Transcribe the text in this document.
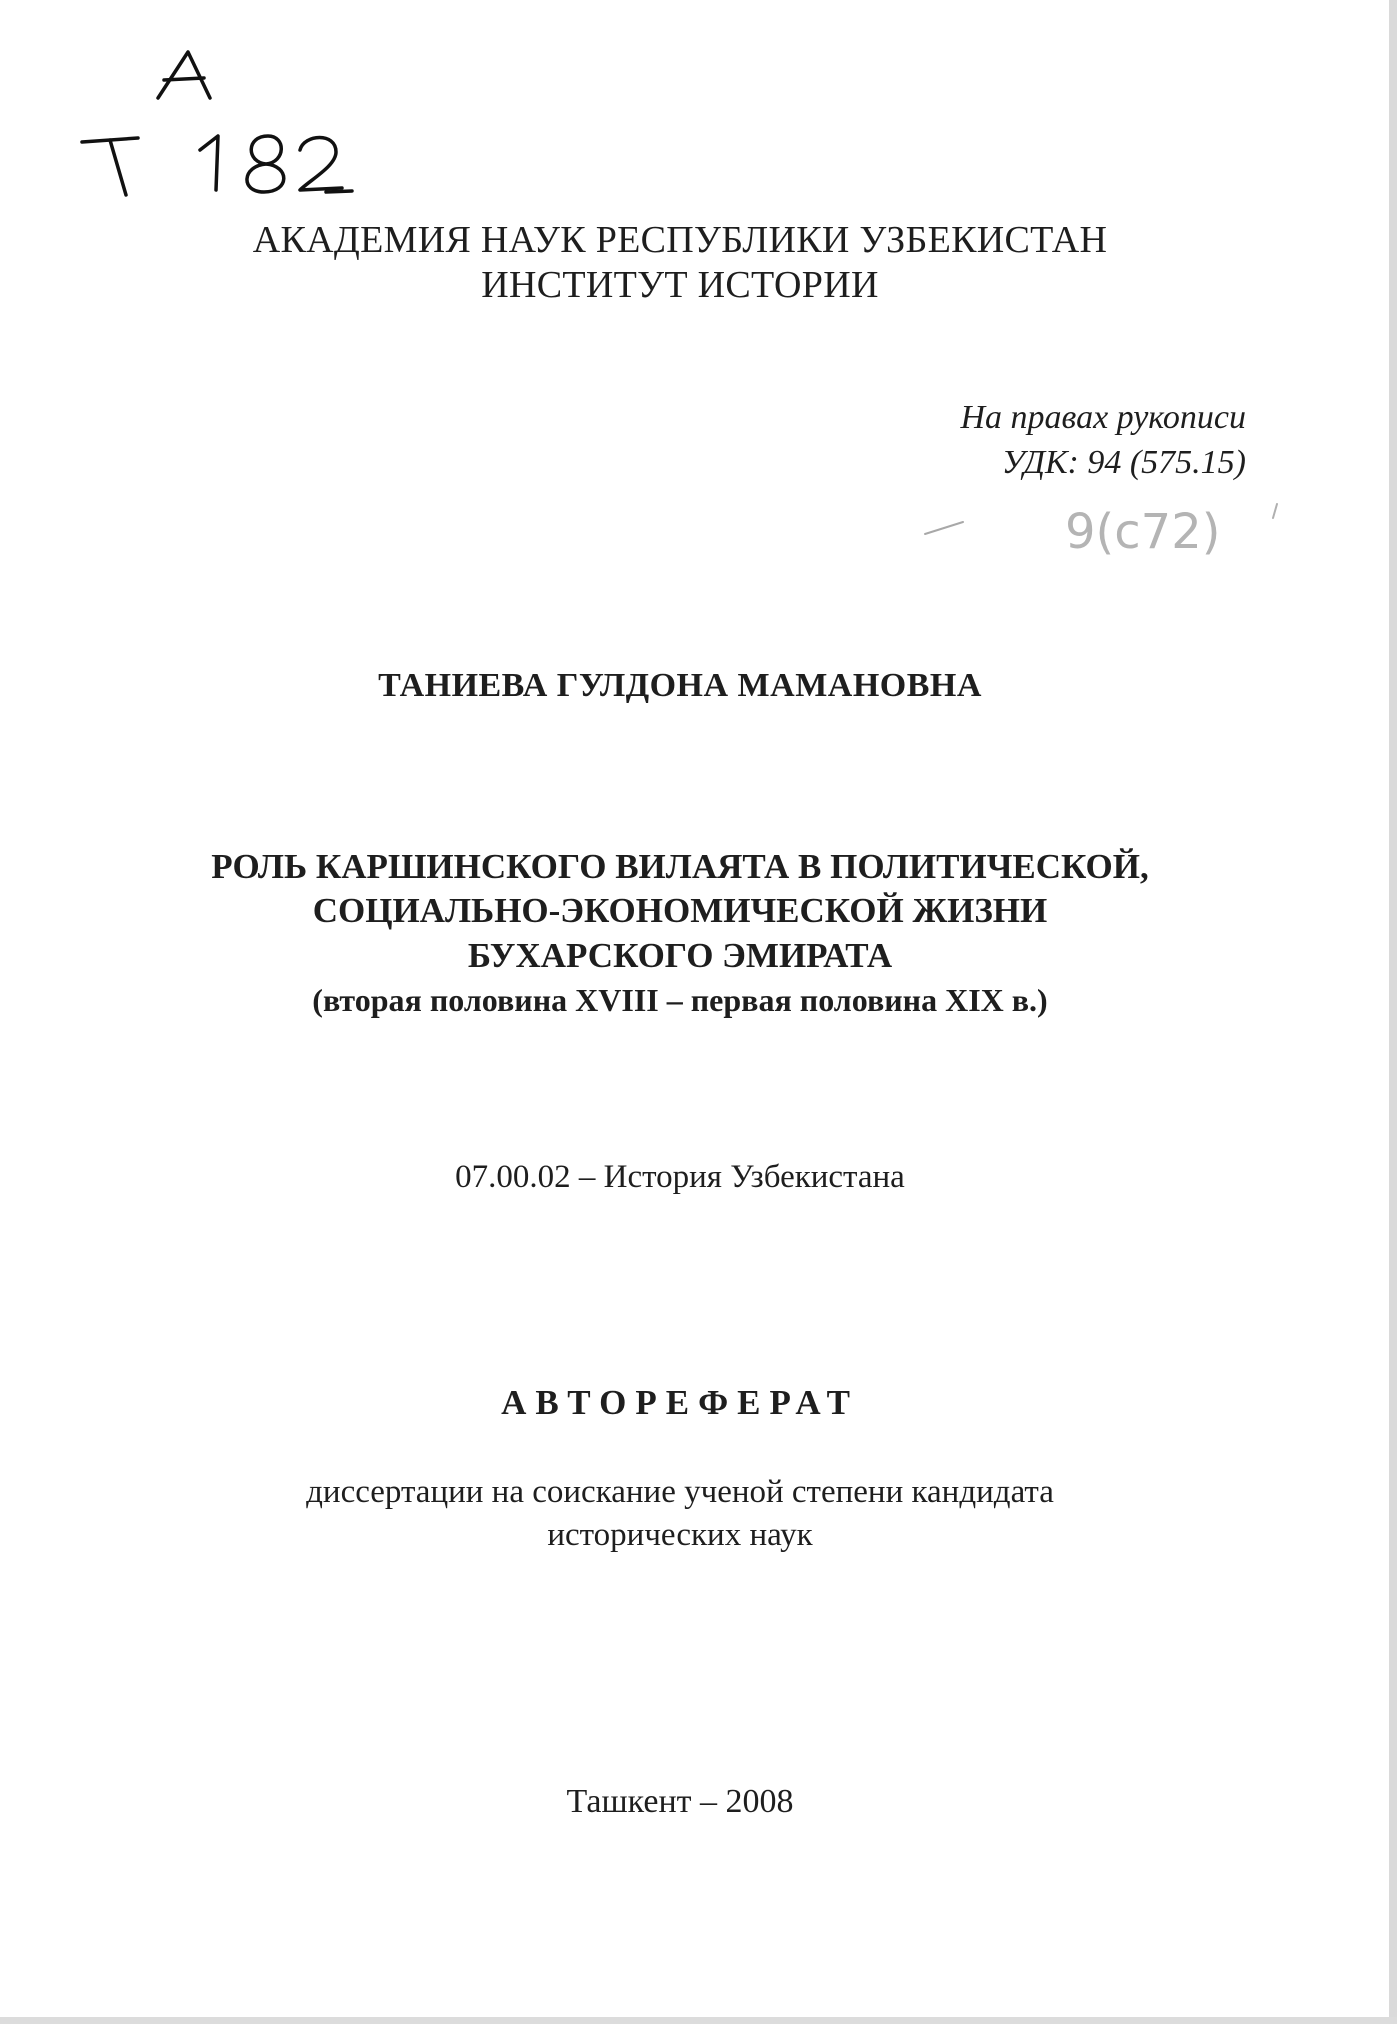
АКАДЕМИЯ НАУК РЕСПУБЛИКИ УЗБЕКИСТАН
ИНСТИТУТ ИСТОРИИ
На правах рукописи
УДК: 94 (575.15)
9(c72)
ТАНИЕВА ГУЛДОНА МАМАНОВНА
РОЛЬ КАРШИНСКОГО ВИЛАЯТА В ПОЛИТИЧЕСКОЙ,
СОЦИАЛЬНО-ЭКОНОМИЧЕСКОЙ ЖИЗНИ
БУХАРСКОГО ЭМИРАТА
(вторая половина XVIII – первая половина XIX в.)
07.00.02 – История Узбекистана
АВТОРЕФЕРАТ
диссертации на соискание ученой степени кандидата
исторических наук
Ташкент – 2008
